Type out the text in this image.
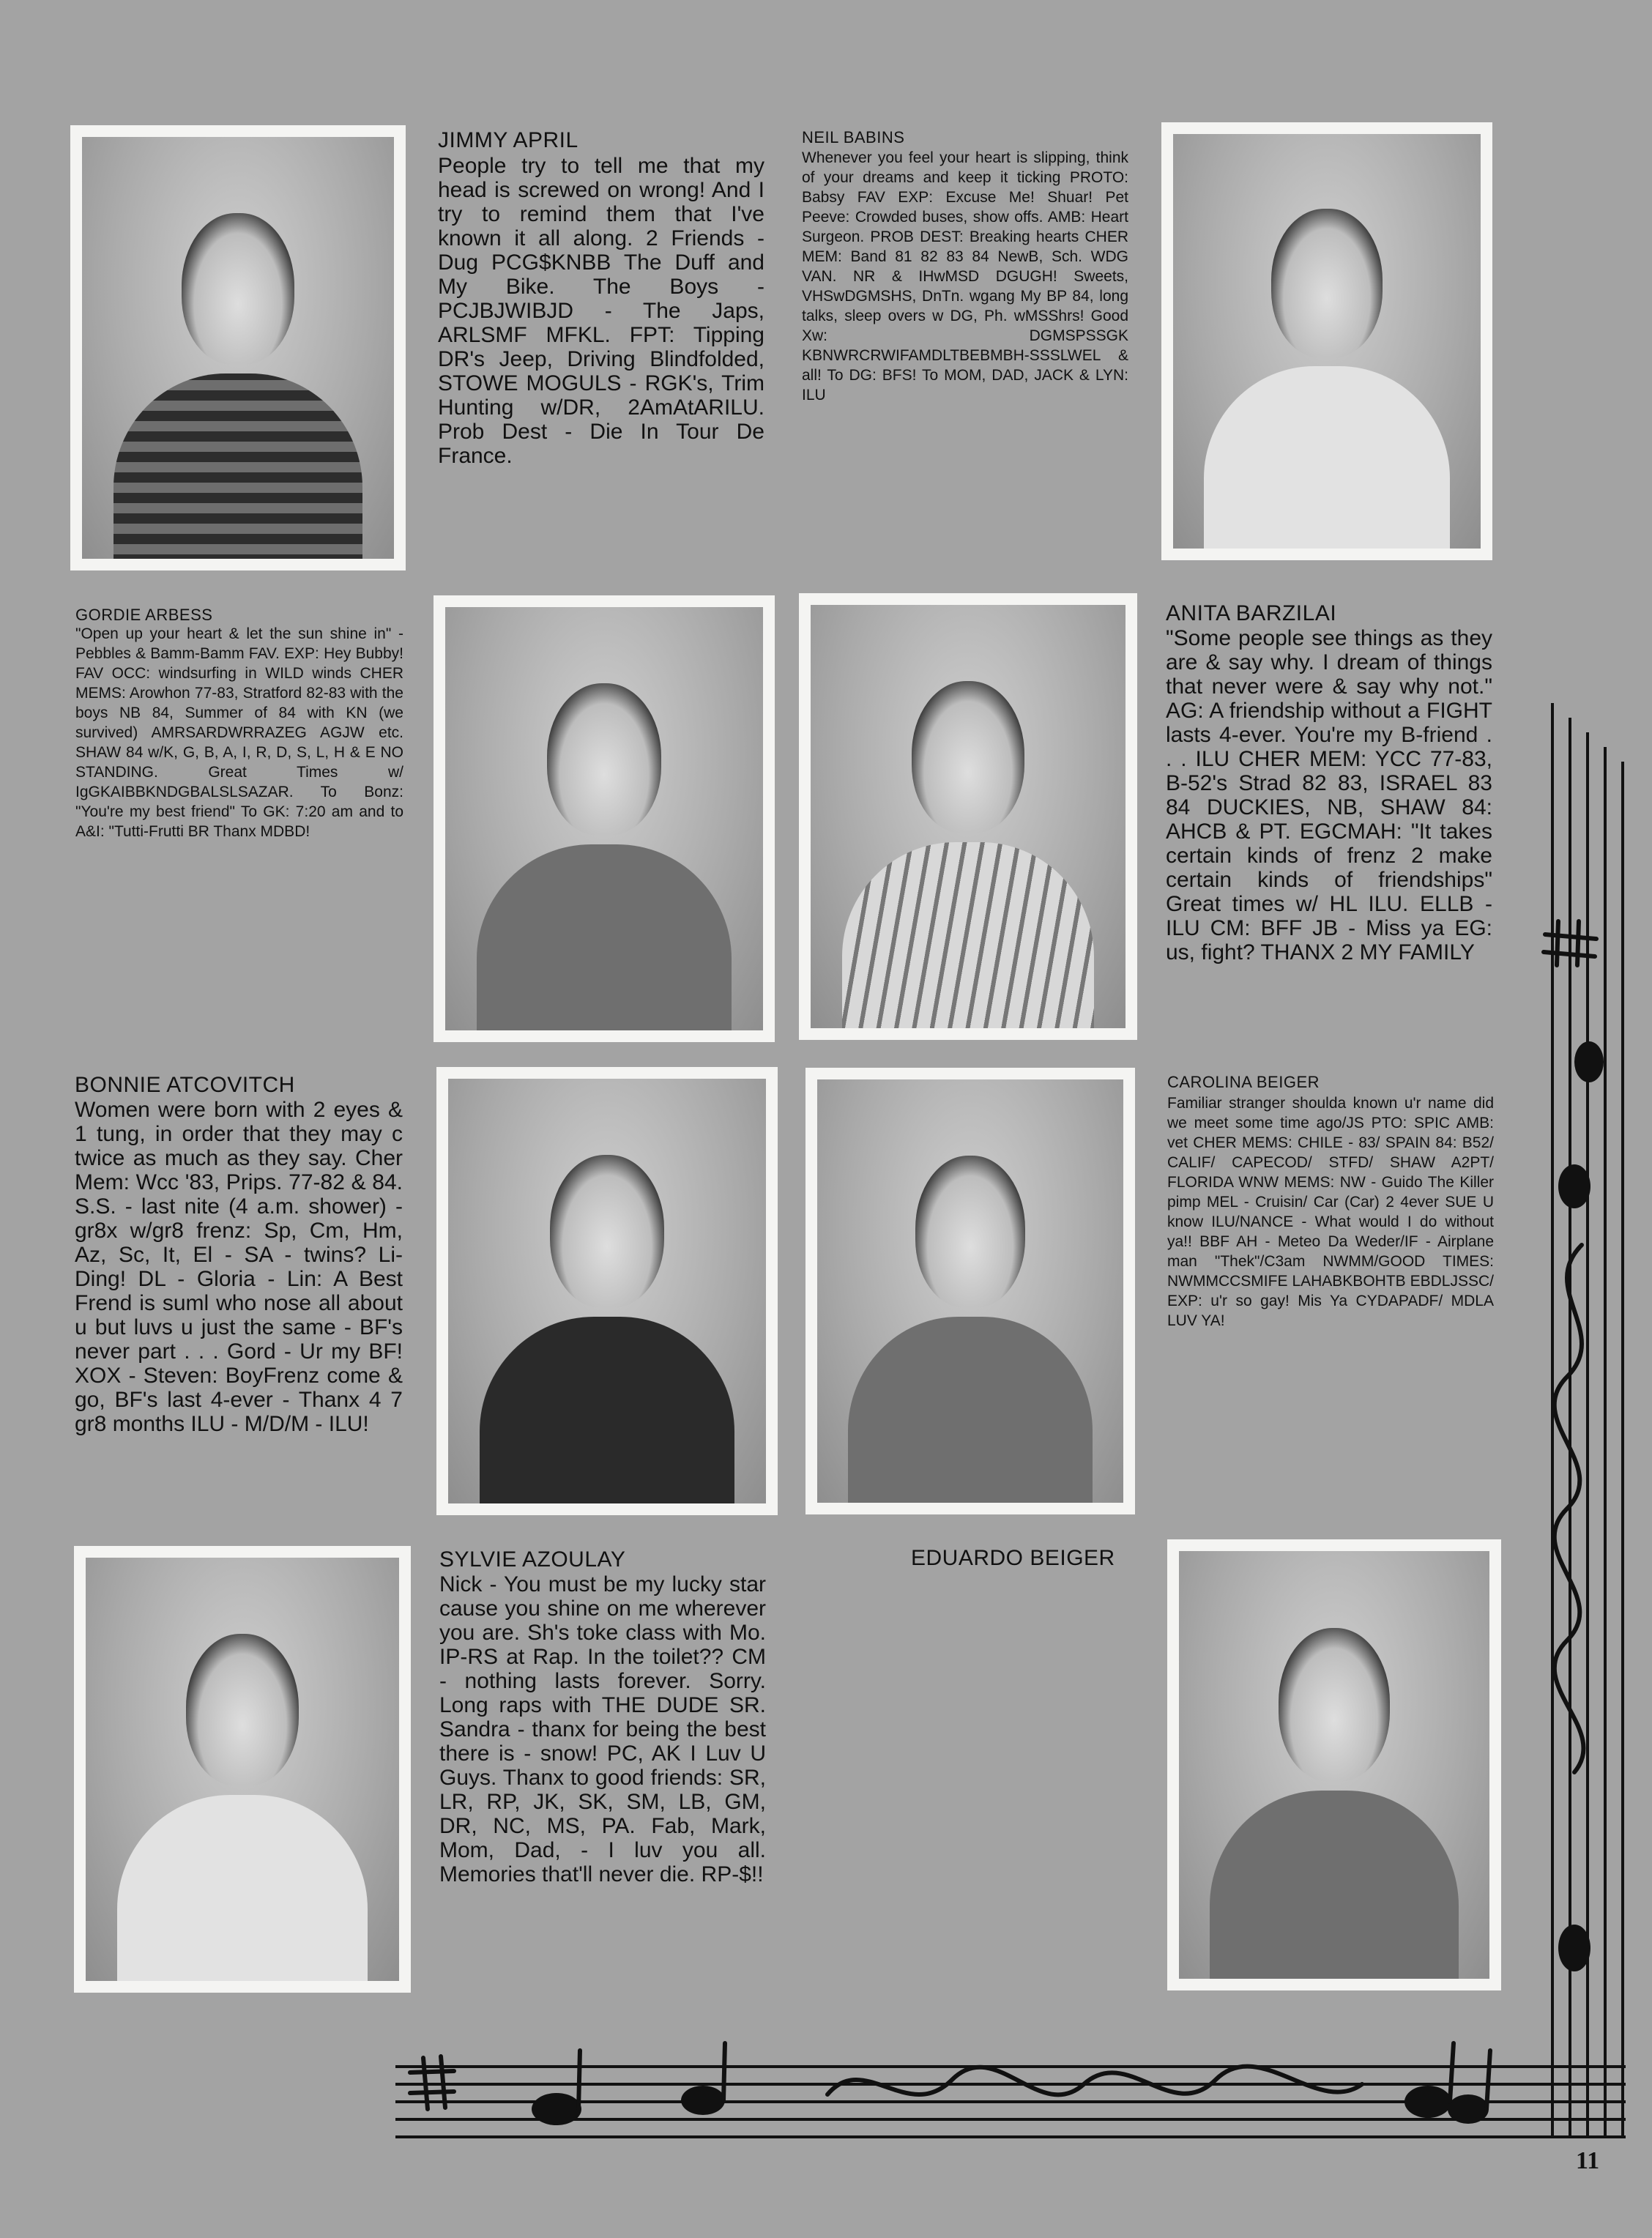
JIMMY APRIL
People try to tell me that my head is screwed on wrong! And I try to remind them that I've known it all along. 2 Friends - Dug PCG$KNBB The Duff and My Bike. The Boys - PCJBJWIBJD - The Japs, ARLSMF MFKL. FPT: Tipping DR's Jeep, Driving Blindfolded, STOWE MOGULS - RGK's, Trim Hunting w/DR, 2AmAtARILU. Prob Dest - Die In Tour De France.
NEIL BABINS
Whenever you feel your heart is slipping, think of your dreams and keep it ticking PROTO: Babsy FAV EXP: Excuse Me! Shuar! Pet Peeve: Crowded buses, show offs. AMB: Heart Surgeon. PROB DEST: Breaking hearts CHER MEM: Band 81 82 83 84 NewB, Sch. WDG VAN. NR & IHwMSD DGUGH! Sweets, VHSwDGMSHS, DnTn. wgang My BP 84, long talks, sleep overs w DG, Ph. wMSShrs! Good Xw: DGMSPSSGK KBNWRCRWIFAMDLTBEBMBH-SSSLWEL & all! To DG: BFS! To MOM, DAD, JACK & LYN: ILU
GORDIE ARBESS
"Open up your heart & let the sun shine in" - Pebbles & Bamm-Bamm FAV. EXP: Hey Bubby! FAV OCC: windsurfing in WILD winds CHER MEMS: Arowhon 77-83, Stratford 82-83 with the boys NB 84, Summer of 84 with KN (we survived) AMRSARDWRRAZEG AGJW etc. SHAW 84 w/K, G, B, A, I, R, D, S, L, H & E NO STANDING. Great Times w/ IgGKAIBBKNDGBALSLSAZAR. To Bonz: "You're my best friend" To GK: 7:20 am and to A&I: "Tutti-Frutti BR Thanx MDBD!
ANITA BARZILAI
"Some people see things as they are & say why. I dream of things that never were & say why not." AG: A friendship without a FIGHT lasts 4-ever. You're my B-friend . . . ILU CHER MEM: YCC 77-83, B-52's Strad 82 83, ISRAEL 83 84 DUCKIES, NB, SHAW 84: AHCB & PT. EGCMAH: "It takes certain kinds of frenz 2 make certain kinds of friendships" Great times w/ HL ILU. ELLB - ILU CM: BFF JB - Miss ya EG: us, fight? THANX 2 MY FAMILY
BONNIE ATCOVITCH
Women were born with 2 eyes & 1 tung, in order that they may c twice as much as they say. Cher Mem: Wcc '83, Prips. 77-82 & 84. S.S. - last nite (4 a.m. shower) - gr8x w/gr8 frenz: Sp, Cm, Hm, Az, Sc, It, El - SA - twins? Li-Ding! DL - Gloria - Lin: A Best Frend is suml who nose all about u but luvs u just the same - BF's never part . . . Gord - Ur my BF! XOX - Steven: BoyFrenz come & go, BF's last 4-ever - Thanx 4 7 gr8 months ILU - M/D/M - ILU!
CAROLINA BEIGER
Familiar stranger shoulda known u'r name did we meet some time ago/JS PTO: SPIC AMB: vet CHER MEMS: CHILE - 83/ SPAIN 84: B52/ CALIF/ CAPECOD/ STFD/ SHAW A2PT/ FLORIDA WNW MEMS: NW - Guido The Killer pimp MEL - Cruisin/ Car (Car) 2 4ever SUE U know ILU/NANCE - What would I do without ya!! BBF AH - Meteo Da Weder/IF - Airplane man "Thek"/C3am NWMM/GOOD TIMES: NWMMCCSMIFE LAHABKBOHTB EBDLJSSC/ EXP: u'r so gay! Mis Ya CYDAPADF/ MDLA LUV YA!
SYLVIE AZOULAY
Nick - You must be my lucky star cause you shine on me wherever you are. Sh's toke class with Mo. IP-RS at Rap. In the toilet?? CM - nothing lasts forever. Sorry. Long raps with THE DUDE SR. Sandra - thanx for being the best there is - snow! PC, AK I Luv U Guys. Thanx to good friends: SR, LR, RP, JK, SK, SM, LB, GM, DR, NC, MS, PA. Fab, Mark, Mom, Dad, - I luv you all. Memories that'll never die. RP-$!!
EDUARDO BEIGER
11
